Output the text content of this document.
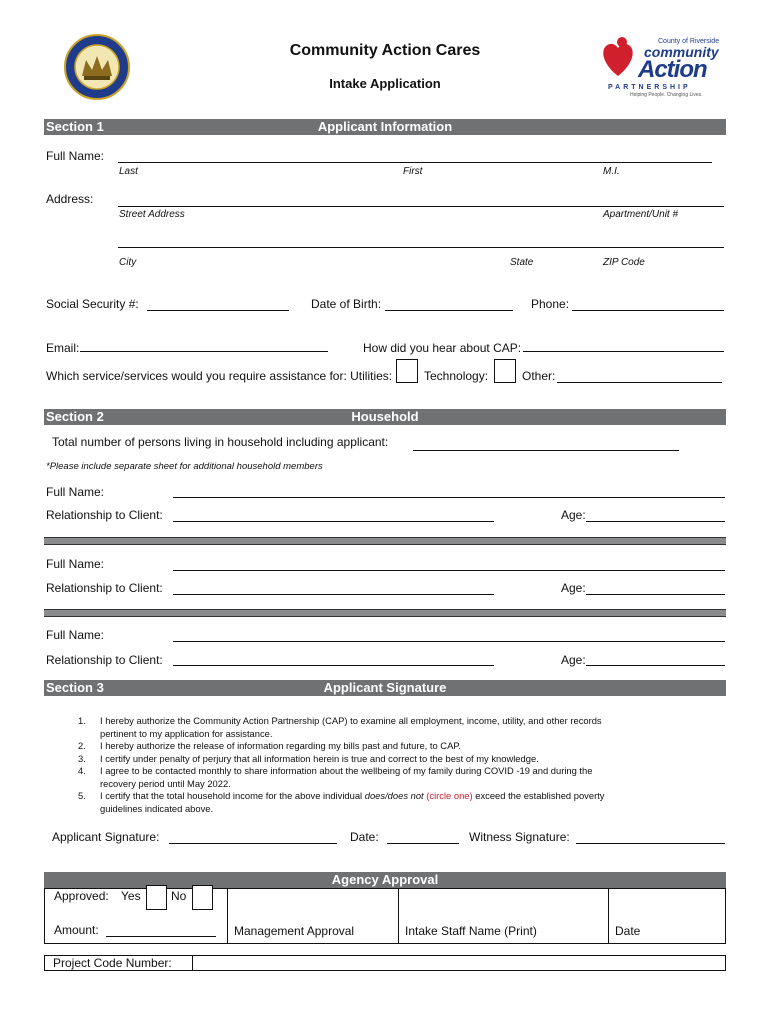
Community Action Cares
Intake Application
County of Riverside
community
Action
PARTNERSHIP
Helping People. Changing Lives.
Section 1	Applicant Information
Full Name:
Last	First	M.I.
Address:
Street Address	Apartment/Unit #
City	State	ZIP Code
Social Security #:	Date of Birth:	Phone:
Email:	How did you hear about CAP:
Which service/services would you require assistance for: Utilities:	Technology:	Other:
Section 2	Household
Total number of persons living in household including applicant:
*Please include separate sheet for additional household members
Full Name:
Relationship to Client:	Age:
Full Name:
Relationship to Client:	Age:
Full Name:
Relationship to Client:	Age:
Section 3	Applicant Signature
1. I hereby authorize the Community Action Partnership (CAP) to examine all employment, income, utility, and other records
pertinent to my application for assistance.
2. I hereby authorize the release of information regarding my bills past and future, to CAP.
3. I certify under penalty of perjury that all information herein is true and correct to the best of my knowledge.
4. I agree to be contacted monthly to share information about the wellbeing of my family during COVID -19 and during the
recovery period until May 2022.
5. I certify that the total household income for the above individual does/does not (circle one) exceed the established poverty
guidelines indicated above.
Applicant Signature:	Date:	Witness Signature:
Agency Approval
Approved: Yes	No
Amount:	Management Approval	Intake Staff Name (Print)	Date
Project Code Number:
